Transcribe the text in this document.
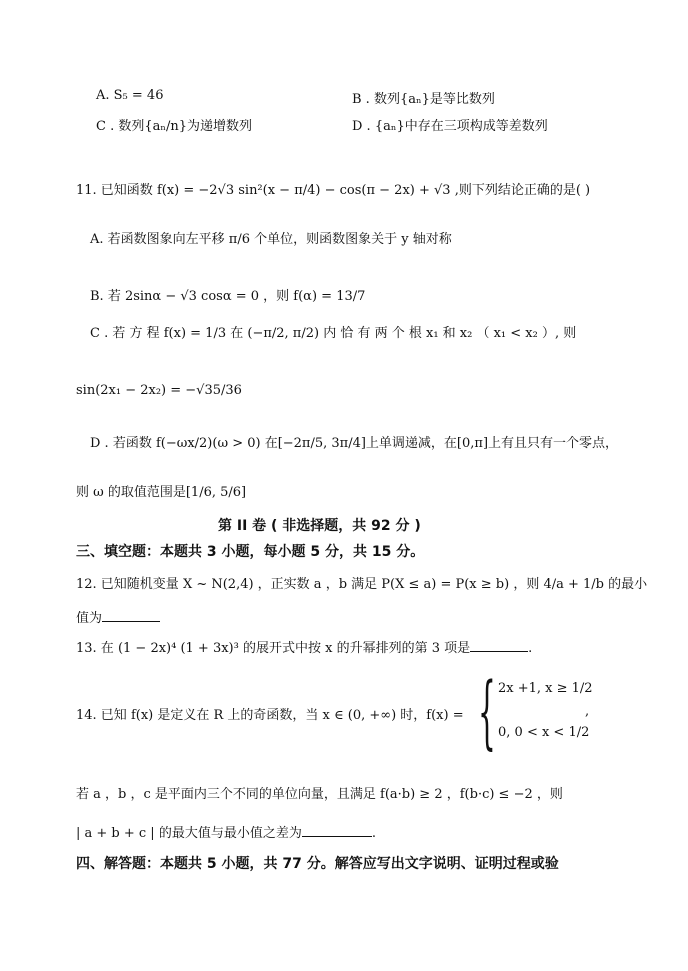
A. S₅ = 46	B . 数列{aₙ}是等比数列
C . 数列{aₙ/n}为递增数列	D . {aₙ}中存在三项构成等差数列
11. 已知函数 f(x) = −2√3 sin²(x − π/4) − cos(π − 2x) + √3 ,则下列结论正确的是( )
A. 若函数图象向左平移 π/6 个单位，则函数图象关于 y 轴对称
B. 若 2sinα − √3 cosα = 0 ，则 f(α) = 13/7
C . 若 方 程 f(x) = 1/3 在 (−π/2, π/2) 内 恰 有 两 个 根 x₁ 和 x₂ （ x₁ < x₂ ）, 则
sin(2x₁ − 2x₂) = −√35/36
D . 若函数 f(−ωx/2)(ω > 0) 在[−2π/5, 3π/4]上单调递减，在[0,π]上有且只有一个零点，
则 ω 的取值范围是[1/6, 5/6]
第 II 卷 ( 非选择题，共 92 分 )
三、填空题：本题共 3 小题，每小题 5 分，共 15 分。
12. 已知随机变量 X ~ N(2,4) ，正实数 a ，b 满足 P(X ≤ a) = P(x ≥ b) ，则 4/a + 1/b 的最小
值为
13. 在 (1 − 2x)⁴ (1 + 3x)³ 的展开式中按 x 的升幂排列的第 3 项是	.
14. 已知 f(x) 是定义在 R 上的奇函数，当 x ∈ (0, +∞) 时，f(x) = { 2x +1, x ≥ 1/2
0, 0 < x < 1/2
,
若 a ，b ，c 是平面内三个不同的单位向量，且满足 f(a·b) ≥ 2 ，f(b·c) ≤ −2 ，则
| a + b + c | 的最大值与最小值之差为	.
四、解答题：本题共 5 小题，共 77 分。解答应写出文字说明、证明过程或验
